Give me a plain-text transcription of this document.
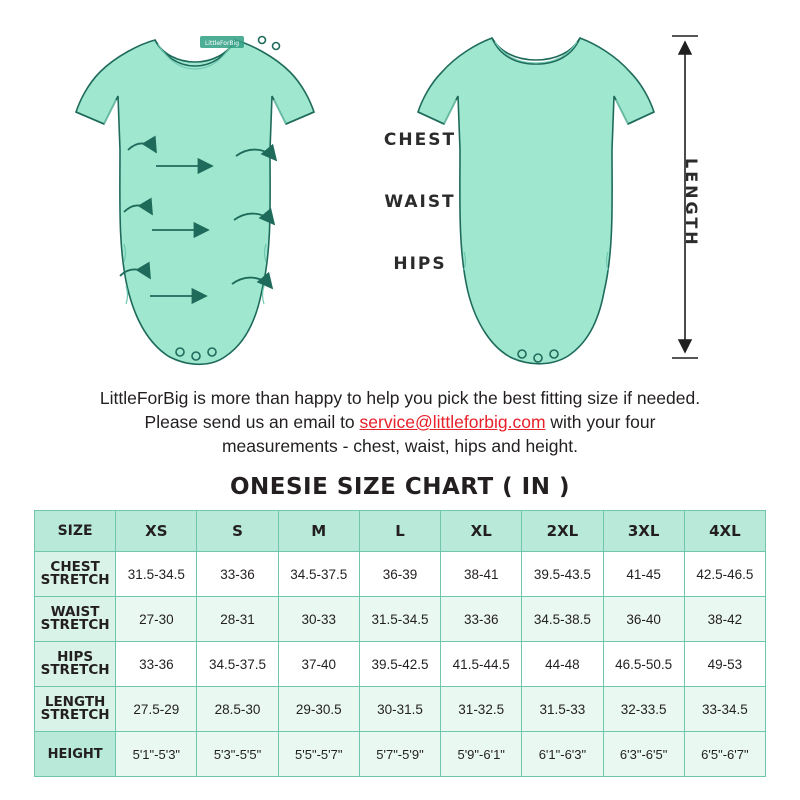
LittleForBig
CHEST
WAIST
HIPS
LENGTH
LittleForBig is more than happy to help you pick the best fitting size if needed.
Please send us an email to service@littleforbig.com with your four
measurements - chest, waist, hips and height.
ONESIE SIZE CHART ( IN )
SIZE	XS	S	M	L	XL	2XL	3XL	4XL
CHEST STRETCH	31.5-34.5	33-36	34.5-37.5	36-39	38-41	39.5-43.5	41-45	42.5-46.5
WAIST STRETCH	27-30	28-31	30-33	31.5-34.5	33-36	34.5-38.5	36-40	38-42
HIPS STRETCH	33-36	34.5-37.5	37-40	39.5-42.5	41.5-44.5	44-48	46.5-50.5	49-53
LENGTH STRETCH	27.5-29	28.5-30	29-30.5	30-31.5	31-32.5	31.5-33	32-33.5	33-34.5
HEIGHT	5'1"-5'3"	5'3"-5'5"	5'5"-5'7"	5'7"-5'9"	5'9"-6'1"	6'1"-6'3"	6'3"-6'5"	6'5"-6'7"
